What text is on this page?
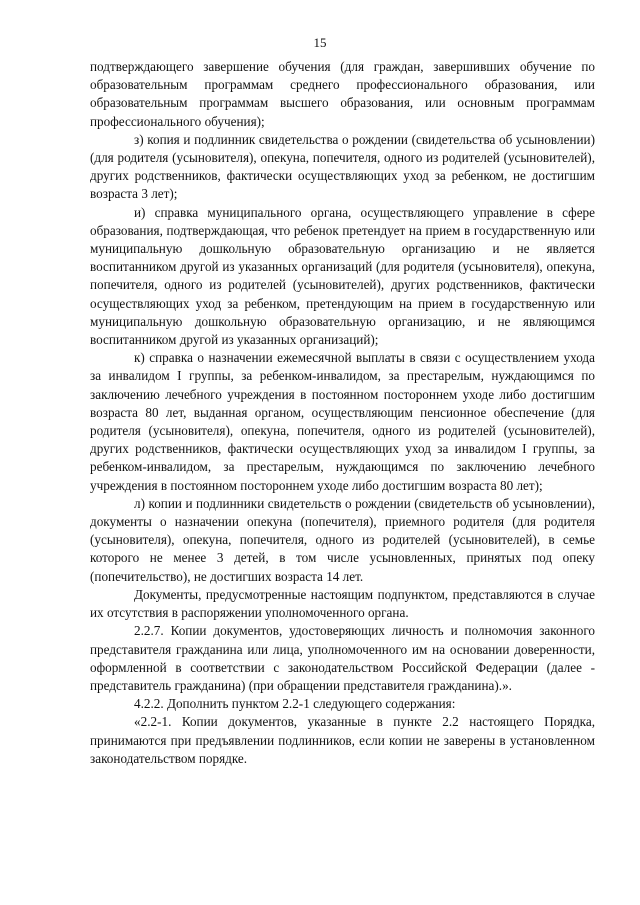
15

подтверждающего завершение обучения (для граждан, завершивших обучение по образовательным программам среднего профессионального образования, или образовательным программам высшего образования, или основным программам профессионального обучения);

з) копия и подлинник свидетельства о рождении (свидетельства об усыновлении) (для родителя (усыновителя), опекуна, попечителя, одного из родителей (усыновителей), других родственников, фактически осуществляющих уход за ребенком, не достигшим возраста 3 лет);

и) справка муниципального органа, осуществляющего управление в сфере образования, подтверждающая, что ребенок претендует на прием в государственную или муниципальную дошкольную образовательную организацию и не является воспитанником другой из указанных организаций (для родителя (усыновителя), опекуна, попечителя, одного из родителей (усыновителей), других родственников, фактически осуществляющих уход за ребенком, претендующим на прием в государственную или муниципальную дошкольную образовательную организацию, и не являющимся воспитанником другой из указанных организаций);

к) справка о назначении ежемесячной выплаты в связи с осуществлением ухода за инвалидом I группы, за ребенком-инвалидом, за престарелым, нуждающимся по заключению лечебного учреждения в постоянном постороннем уходе либо достигшим возраста 80 лет, выданная органом, осуществляющим пенсионное обеспечение (для родителя (усыновителя), опекуна, попечителя, одного из родителей (усыновителей), других родственников, фактически осуществляющих уход за инвалидом I группы, за ребенком-инвалидом, за престарелым, нуждающимся по заключению лечебного учреждения в постоянном постороннем уходе либо достигшим возраста 80 лет);

л) копии и подлинники свидетельств о рождении (свидетельств об усыновлении), документы о назначении опекуна (попечителя), приемного родителя (для родителя (усыновителя), опекуна, попечителя, одного из родителей (усыновителей), в семье которого не менее 3 детей, в том числе усыновленных, принятых под опеку (попечительство), не достигших возраста 14 лет.

Документы, предусмотренные настоящим подпунктом, представляются в случае их отсутствия в распоряжении уполномоченного органа.

2.2.7. Копии документов, удостоверяющих личность и полномочия законного представителя гражданина или лица, уполномоченного им на основании доверенности, оформленной в соответствии с законодательством Российской Федерации (далее - представитель гражданина) (при обращении представителя гражданина).».

4.2.2. Дополнить пунктом 2.2-1 следующего содержания:

«2.2-1. Копии документов, указанные в пункте 2.2 настоящего Порядка, принимаются при предъявлении подлинников, если копии не заверены в установленном законодательством порядке.
